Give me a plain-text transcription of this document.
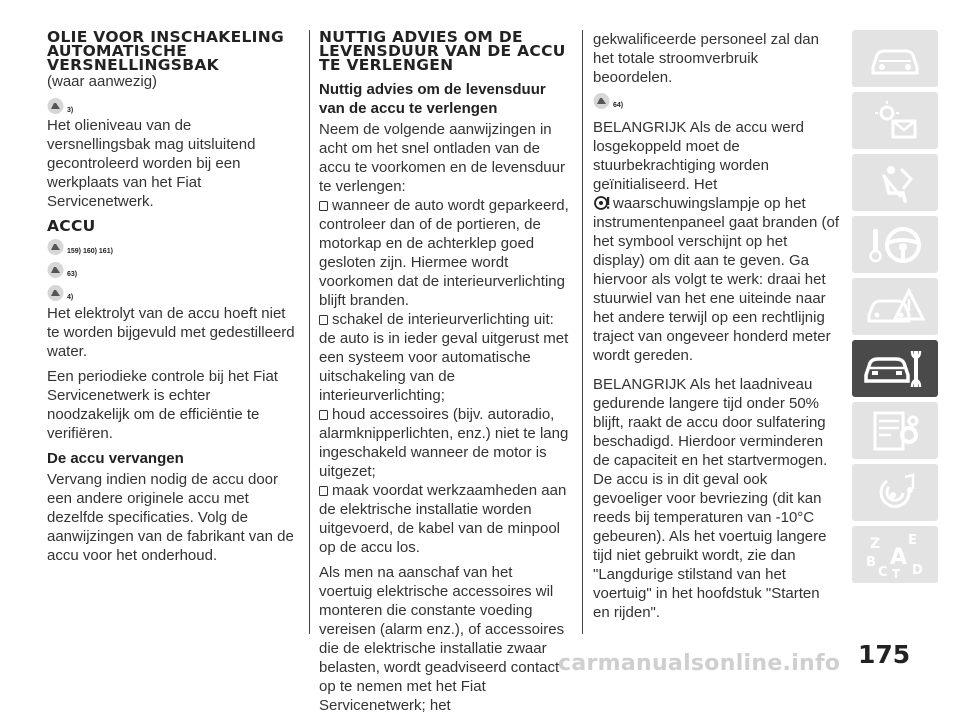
OLIE VOOR INSCHAKELING AUTOMATISCHE VERSNELLINGSBAK
(waar aanwezig)
3)

Het olieniveau van de versnellingsbak mag uitsluitend gecontroleerd worden bij een werkplaats van het Fiat Servicenetwerk.

ACCU
159) 160) 161)
63)
4)

Het elektrolyt van de accu hoeft niet te worden bijgevuld met gedestilleerd water.

Een periodieke controle bij het Fiat Servicenetwerk is echter noodzakelijk om de efficiëntie te verifiëren.

De accu vervangen

Vervang indien nodig de accu door een andere originele accu met dezelfde specificaties. Volg de aanwijzingen van de fabrikant van de accu voor het onderhoud.

NUTTIG ADVIES OM DE LEVENSDUUR VAN DE ACCU TE VERLENGEN
Nuttig advies om de levensduur van de accu te verlengen

Neem de volgende aanwijzingen in acht om het snel ontladen van de accu te voorkomen en de levensduur te verlengen:

wanneer de auto wordt geparkeerd, controleer dan of de portieren, de motorkap en de achterklep goed gesloten zijn. Hiermee wordt voorkomen dat de interieurverlichting blijft branden.
schakel de interieurverlichting uit: de auto is in ieder geval uitgerust met een systeem voor automatische uitschakeling van de interieurverlichting;
houd accessoires (bijv. autoradio, alarmknipperlichten, enz.) niet te lang ingeschakeld wanneer de motor is uitgezet;
maak voordat werkzaamheden aan de elektrische installatie worden uitgevoerd, de kabel van de minpool op de accu los.

Als men na aanschaf van het voertuig elektrische accessoires wil monteren die constante voeding vereisen (alarm enz.), of accessoires die de elektrische installatie zwaar belasten, wordt geadviseerd contact op te nemen met het Fiat Servicenetwerk; het

gekwalificeerde personeel zal dan het totale stroomverbruik beoordelen.

64)

BELANGRIJK Als de accu werd losgekoppeld moet de stuurbekrachtiging worden geïnitialiseerd. Het
waarschuwingslampje op het instrumentenpaneel gaat branden (of het symbool verschijnt op het display) om dit aan te geven. Ga hiervoor als volgt te werk: draai het stuurwiel van het ene uiteinde naar het andere terwijl op een rechtlijnig traject van ongeveer honderd meter wordt gereden.

BELANGRIJK Als het laadniveau gedurende langere tijd onder 50% blijft, raakt de accu door sulfatering beschadigd. Hierdoor verminderen de capaciteit en het startvermogen. De accu is in dit geval ook gevoeliger voor bevriezing (dit kan reeds bij temperaturen van -10°C gebeuren). Als het voertuig langere tijd niet gebruikt wordt, zie dan "Langdurige stilstand van het voertuig" in het hoofdstuk "Starten en rijden".

Z E
B A
C T D
175
carmanualsonline.info
